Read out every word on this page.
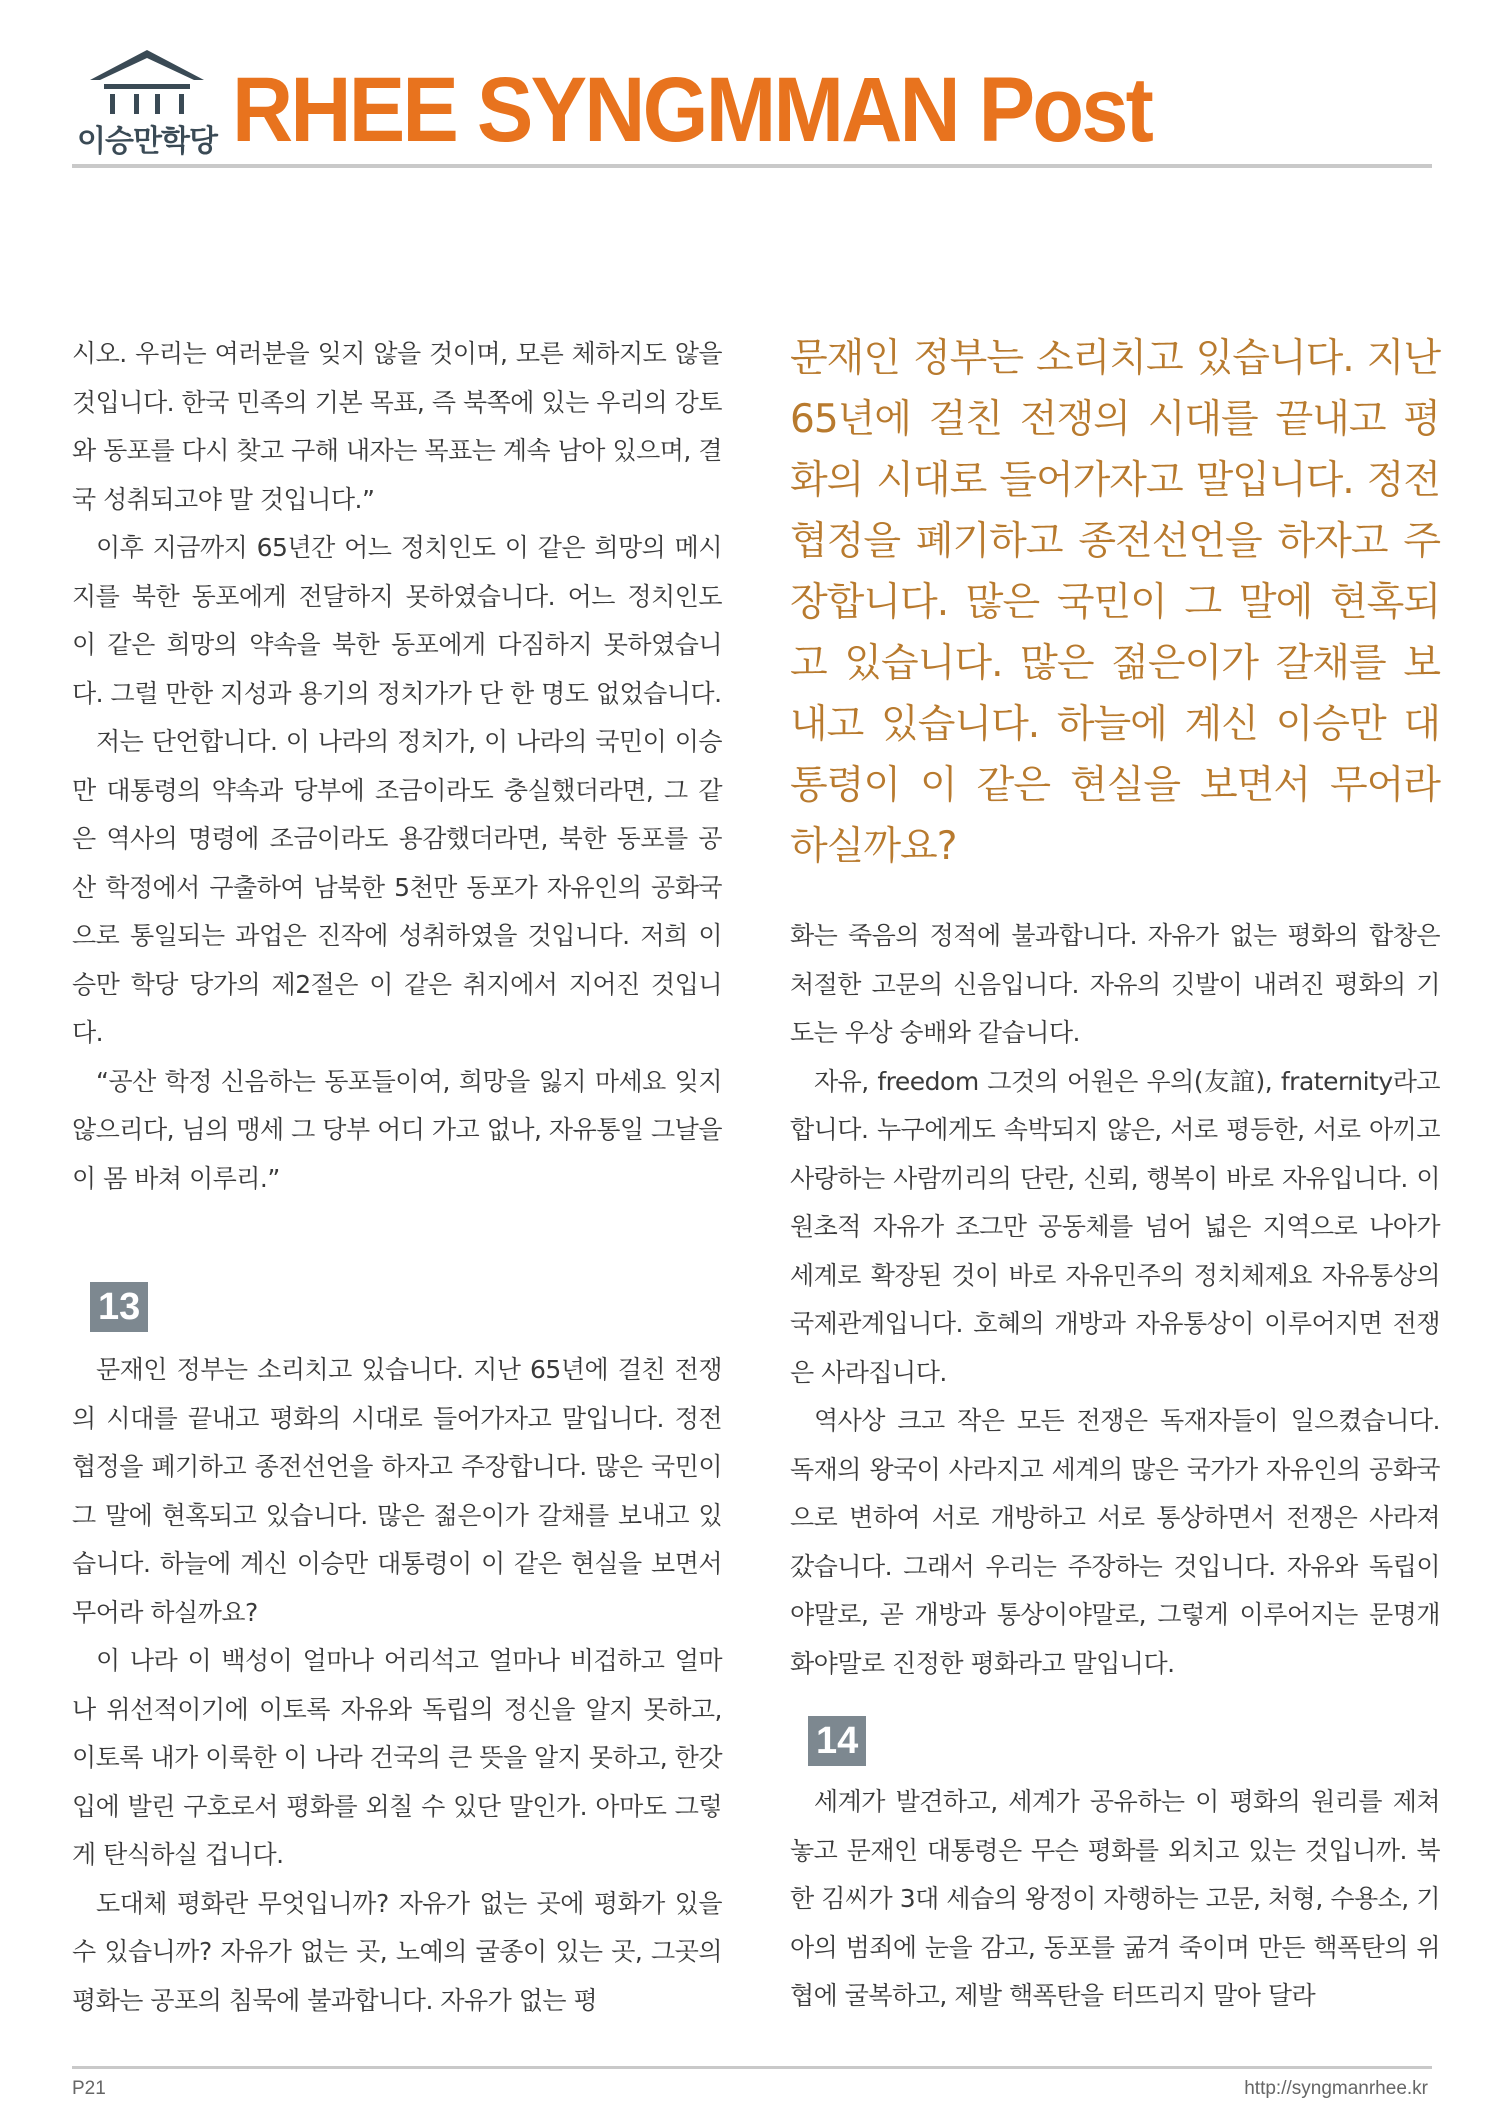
이승만학당 RHEE SYNGMMAN Post

시오. 우리는 여러분을 잊지 않을 것이며, 모른 체하지도 않을 것입니다. 한국 민족의 기본 목표, 즉 북쪽에 있는 우리의 강토와 동포를 다시 찾고 구해 내자는 목표는 계속 남아 있으며, 결국 성취되고야 말 것입니다.”

이후 지금까지 65년간 어느 정치인도 이 같은 희망의 메시지를 북한 동포에게 전달하지 못하였습니다. 어느 정치인도 이 같은 희망의 약속을 북한 동포에게 다짐하지 못하였습니다. 그럴 만한 지성과 용기의 정치가가 단 한 명도 없었습니다.

저는 단언합니다. 이 나라의 정치가, 이 나라의 국민이 이승만 대통령의 약속과 당부에 조금이라도 충실했더라면, 그 같은 역사의 명령에 조금이라도 용감했더라면, 북한 동포를 공산 학정에서 구출하여 남북한 5천만 동포가 자유인의 공화국으로 통일되는 과업은 진작에 성취하였을 것입니다. 저희 이승만 학당 당가의 제2절은 이 같은 취지에서 지어진 것입니다.

“공산 학정 신음하는 동포들이여, 희망을 잃지 마세요 잊지 않으리다, 님의 맹세 그 당부 어디 가고 없나, 자유통일 그날을 이 몸 바쳐 이루리.”

13

문재인 정부는 소리치고 있습니다. 지난 65년에 걸친 전쟁의 시대를 끝내고 평화의 시대로 들어가자고 말입니다. 정전협정을 폐기하고 종전선언을 하자고 주장합니다. 많은 국민이 그 말에 현혹되고 있습니다. 많은 젊은이가 갈채를 보내고 있습니다. 하늘에 계신 이승만 대통령이 이 같은 현실을 보면서 무어라 하실까요?

이 나라 이 백성이 얼마나 어리석고 얼마나 비겁하고 얼마나 위선적이기에 이토록 자유와 독립의 정신을 알지 못하고, 이토록 내가 이룩한 이 나라 건국의 큰 뜻을 알지 못하고, 한갓 입에 발린 구호로서 평화를 외칠 수 있단 말인가. 아마도 그렇게 탄식하실 겁니다.

도대체 평화란 무엇입니까? 자유가 없는 곳에 평화가 있을 수 있습니까? 자유가 없는 곳, 노예의 굴종이 있는 곳, 그곳의 평화는 공포의 침묵에 불과합니다. 자유가 없는 평

문재인 정부는 소리치고 있습니다. 지난 65년에 걸친 전쟁의 시대를 끝내고 평화의 시대로 들어가자고 말입니다. 정전협정을 폐기하고 종전선언을 하자고 주장합니다. 많은 국민이 그 말에 현혹되고 있습니다. 많은 젊은이가 갈채를 보내고 있습니다. 하늘에 계신 이승만 대통령이 이 같은 현실을 보면서 무어라 하실까요?

화는 죽음의 정적에 불과합니다. 자유가 없는 평화의 합창은 처절한 고문의 신음입니다. 자유의 깃발이 내려진 평화의 기도는 우상 숭배와 같습니다.

자유, freedom 그것의 어원은 우의(友誼), fraternity라고 합니다. 누구에게도 속박되지 않은, 서로 평등한, 서로 아끼고 사랑하는 사람끼리의 단란, 신뢰, 행복이 바로 자유입니다. 이 원초적 자유가 조그만 공동체를 넘어 넓은 지역으로 나아가 세계로 확장된 것이 바로 자유민주의 정치체제요 자유통상의 국제관계입니다. 호혜의 개방과 자유통상이 이루어지면 전쟁은 사라집니다.

역사상 크고 작은 모든 전쟁은 독재자들이 일으켰습니다. 독재의 왕국이 사라지고 세계의 많은 국가가 자유인의 공화국으로 변하여 서로 개방하고 서로 통상하면서 전쟁은 사라져 갔습니다. 그래서 우리는 주장하는 것입니다. 자유와 독립이야말로, 곧 개방과 통상이야말로, 그렇게 이루어지는 문명개화야말로 진정한 평화라고 말입니다.

14

세계가 발견하고, 세계가 공유하는 이 평화의 원리를 제쳐놓고 문재인 대통령은 무슨 평화를 외치고 있는 것입니까. 북한 김씨가 3대 세습의 왕정이 자행하는 고문, 처형, 수용소, 기아의 범죄에 눈을 감고, 동포를 굶겨 죽이며 만든 핵폭탄의 위협에 굴복하고, 제발 핵폭탄을 터뜨리지 말아 달라

P21	http://syngmanrhee.kr
